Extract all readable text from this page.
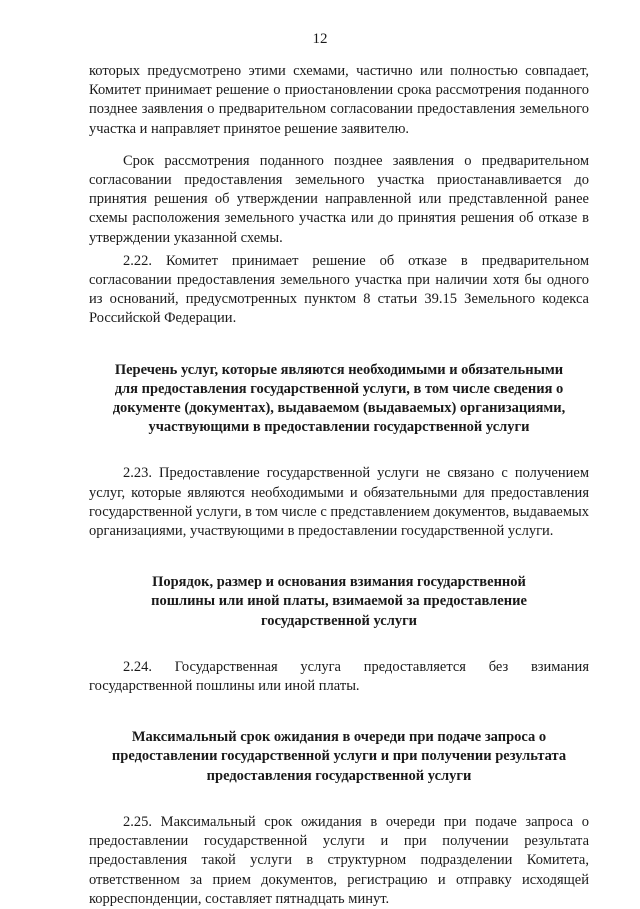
12

которых предусмотрено этими схемами, частично или полностью совпадает, Комитет принимает решение о приостановлении срока рассмотрения поданного позднее заявления о предварительном согласовании предоставления земельного участка и направляет принятое решение заявителю.

Срок рассмотрения поданного позднее заявления о предварительном согласовании предоставления земельного участка приостанавливается до принятия решения об утверждении направленной или представленной ранее схемы расположения земельного участка или до принятия решения об отказе в утверждении указанной схемы.

2.22. Комитет принимает решение об отказе в предварительном согласовании предоставления земельного участка при наличии хотя бы одного из оснований, предусмотренных пунктом 8 статьи 39.15 Земельного кодекса Российской Федерации.

Перечень услуг, которые являются необходимыми и обязательными для предоставления государственной услуги, в том числе сведения о документе (документах), выдаваемом (выдаваемых) организациями, участвующими в предоставлении государственной услуги

2.23. Предоставление государственной услуги не связано с получением услуг, которые являются необходимыми и обязательными для предоставления государственной услуги, в том числе с представлением документов, выдаваемых организациями, участвующими в предоставлении государственной услуги.

Порядок, размер и основания взимания государственной пошлины или иной платы, взимаемой за предоставление государственной услуги

2.24. Государственная услуга предоставляется без взимания государственной пошлины или иной платы.

Максимальный срок ожидания в очереди при подаче запроса о предоставлении государственной услуги и при получении результата предоставления государственной услуги

2.25. Максимальный срок ожидания в очереди при подаче запроса о предоставлении государственной услуги и при получении результата предоставления такой услуги в структурном подразделении Комитета, ответственном за прием документов, регистрацию и отправку исходящей корреспонденции, составляет пятнадцать минут.
